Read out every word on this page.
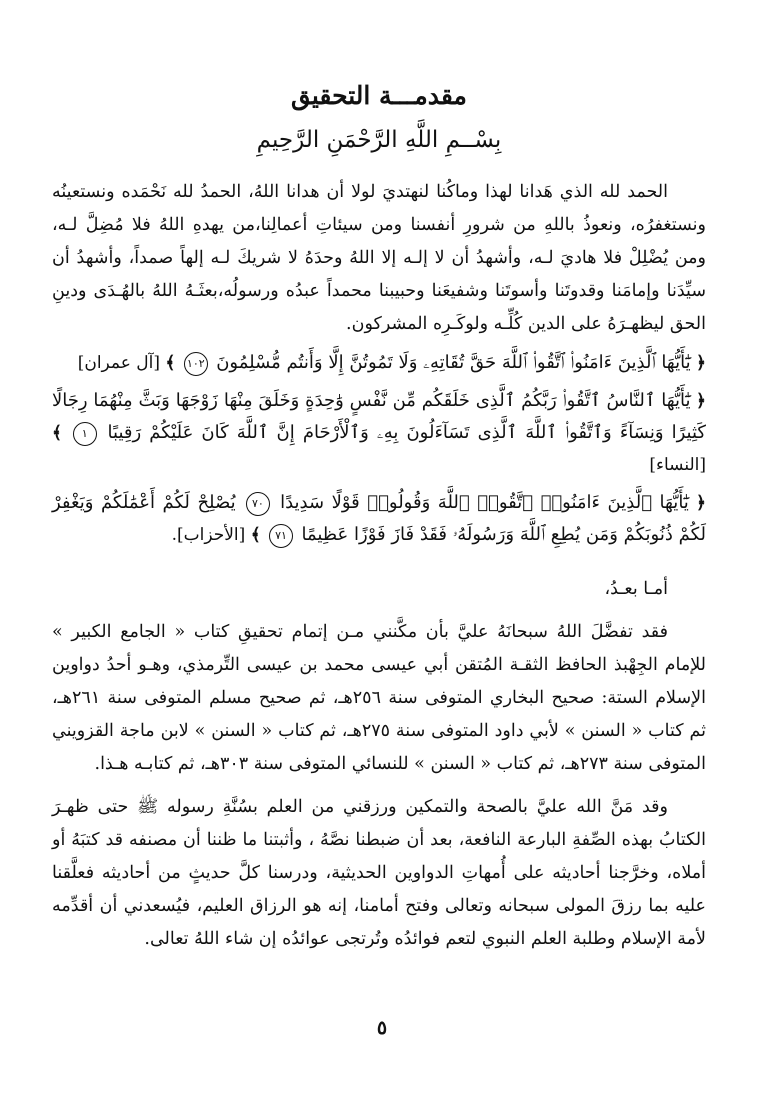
مقدمـــة التحقيق
بِسْــمِ اللَّهِ الرَّحْمَنِ الرَّحِيمِ

الحمد لله الذي هَدانا لهذا وماكُنا لنهتديَ لولا أن هدانا اللهُ، الحمدُ لله نَحْمَده ونستعينُه ونستغفرُه، ونعوذُ باللهِ من شرورِ أنفسنا ومن سيئاتِ أعمالِنا،من يهدهِ اللهُ فلا مُضِلَّ لـه، ومن يُضْلِلْ فلا هاديَ لـه، وأشهدُ أن لا إلـه إلا اللهُ وحدَهُ لا شريكَ لـه إلهاً صمداً، وأشهدُ أن سيِّدَنا وإمامَنا وقدوتَنا وأسوتَنا وشفيعَنا وحبيبنا محمداً عبدُه ورسولُه،بعثَـهُ اللهُ بالهُـدَى ودينِ الحق ليظهـرَهُ على الدين كُلِّـه ولوكَـرِه المشركون.

﴿ يَٰٓأَيُّهَا ٱلَّذِينَ ءَامَنُوا۟ ٱتَّقُوا۟ ٱللَّهَ حَقَّ تُقَاتِهِۦ وَلَا تَمُوتُنَّ إِلَّا وَأَنتُم مُّسْلِمُونَ ١٠٢ ﴾ [آل عمران]

﴿ يَٰٓأَيُّهَا ٱلنَّاسُ ٱتَّقُوا۟ رَبَّكُمُ ٱلَّذِى خَلَقَكُم مِّن نَّفْسٍ وَٰحِدَةٍ وَخَلَقَ مِنْهَا زَوْجَهَا وَبَثَّ مِنْهُمَا رِجَالًا كَثِيرًا وَنِسَآءً وَٱتَّقُوا۟ ٱللَّهَ ٱلَّذِى تَسَآءَلُونَ بِهِۦ وَٱلْأَرْحَامَ إِنَّ ٱللَّهَ كَانَ عَلَيْكُمْ رَقِيبًا ١ ﴾ [النساء]

﴿ يَٰٓأَيُّهَا ٱلَّذِينَ ءَامَنُوا۟ ٱتَّقُوا۟ ٱللَّهَ وَقُولُوا۟ قَوْلًا سَدِيدًا ٧٠ يُصْلِحْ لَكُمْ أَعْمَٰلَكُمْ وَيَغْفِرْ لَكُمْ ذُنُوبَكُمْ وَمَن يُطِعِ ٱللَّهَ وَرَسُولَهُۥ فَقَدْ فَازَ فَوْزًا عَظِيمًا ٧١ ﴾ [الأحزاب].

أمـا بعـدُ،

فقد تفضَّلَ اللهُ سبحانَهُ عليَّ بأن مكَّنني مـن إتمام تحقيقِ كتاب « الجامع الكبير » للإمام الجِهْبذ الحافظ الثقـة المُتقن أبي عيسى محمد بن عيسى التِّرمذي، وهـو أحدُ دواوين الإسلام الستة: صحيح البخاري المتوفى سنة ٢٥٦هـ، ثم صحيح مسلم المتوفى سنة ٢٦١هـ، ثم كتاب « السنن » لأبي داود المتوفى سنة ٢٧٥هـ، ثم كتاب « السنن » لابن ماجة القزويني المتوفى سنة ٢٧٣هـ، ثم كتاب « السنن » للنسائي المتوفى سنة ٣٠٣هـ، ثم كتابـه هـذا.

وقد مَنَّ الله عليَّ بالصحة والتمكين ورزقني من العلم بسُنَّةِ رسوله ﷺ حتى ظهـرَ الكتابُ بهذه الصِّفةِ البارعة النافعة، بعد أن ضبطنا نصَّهُ ، وأثبتنا ما ظننا أن مصنفه قد كتبَهُ أو أملاه، وخرَّجنا أحاديثه على أُمهاتِ الدواوين الحديثية، ودرسنا كلَّ حديثٍ من أحاديثه فعلَّقنا عليه بما رزقَ المولى سبحانه وتعالى وفتح أمامنا، إنه هو الرزاق العليم، فيُسعدني أن أقدِّمه لأمة الإسلام وطلبة العلم النبوي لتعم فوائدُه وتُرتجى عوائدُه إن شاء اللهُ تعالى.

٥
